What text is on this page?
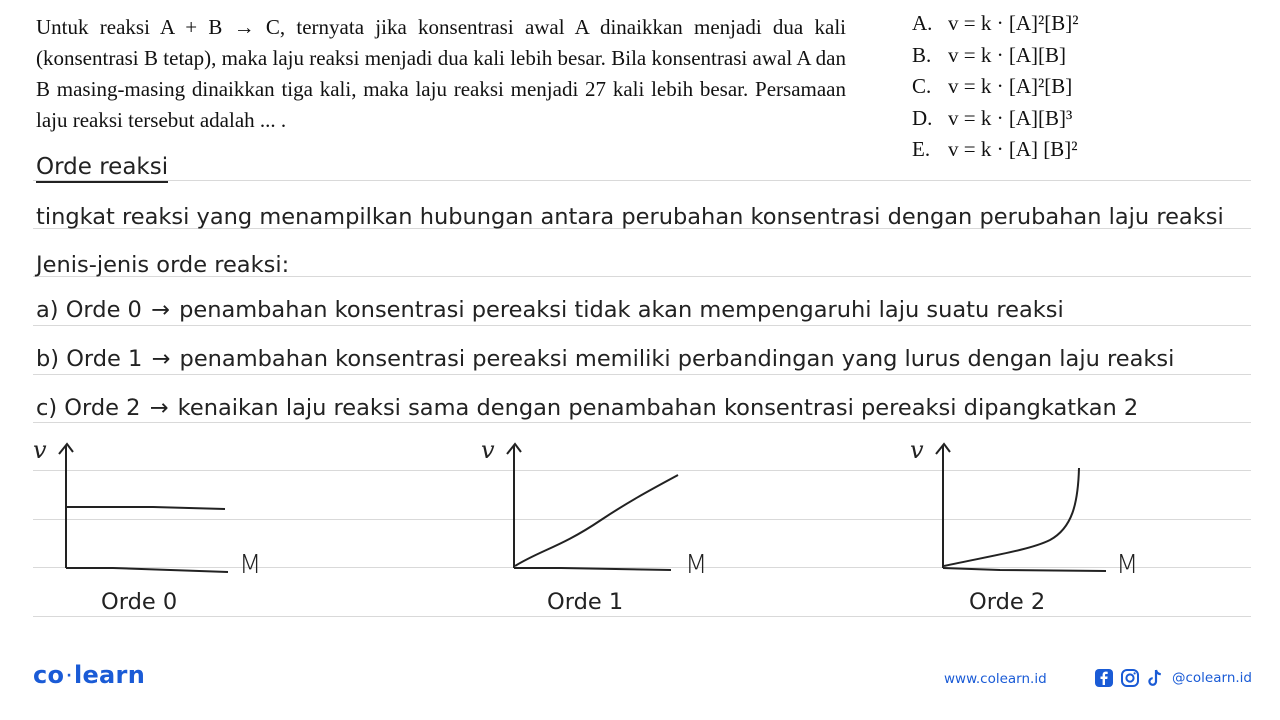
Untuk reaksi A + B → C, ternyata jika konsentrasi awal A dinaikkan menjadi dua kali (konsentrasi B tetap), maka laju reaksi menjadi dua kali lebih besar. Bila konsentrasi awal A dan B masing-masing dinaikkan tiga kali, maka laju reaksi menjadi 27 kali lebih besar. Persamaan laju reaksi tersebut adalah ... .
A. v = k · [A]²[B]²
B. v = k · [A][B]
C. v = k · [A]²[B]
D. v = k · [A][B]³
E. v = k · [A] [B]²
Orde reaksi
tingkat reaksi yang menampilkan hubungan antara perubahan konsentrasi dengan perubahan laju reaksi
Jenis-jenis orde reaksi:
a) Orde 0 → penambahan konsentrasi pereaksi tidak akan mempengaruhi laju suatu reaksi
b) Orde 1 → penambahan konsentrasi pereaksi memiliki perbandingan yang lurus dengan laju reaksi
c) Orde 2 → kenaikan laju reaksi sama dengan penambahan konsentrasi pereaksi dipangkatkan 2
v
M
Orde 0
v
M
Orde 1
v
M
Orde 2
co ·learn	www.colearn.id	@colearn.id
